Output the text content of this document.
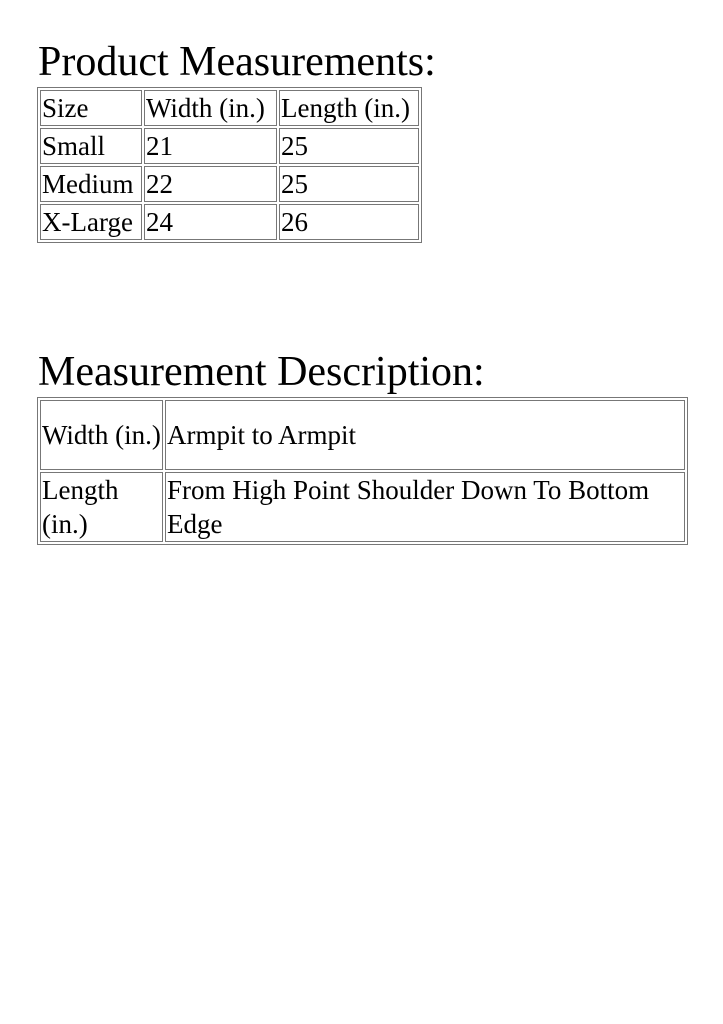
Product Measurements:
Size	Width (in.)	Length (in.)
Small	21	25
Medium	22	25
X-Large	24	26
Measurement Description:
Width (in.)	Armpit to Armpit
Length (in.)	From High Point Shoulder Down To Bottom Edge
